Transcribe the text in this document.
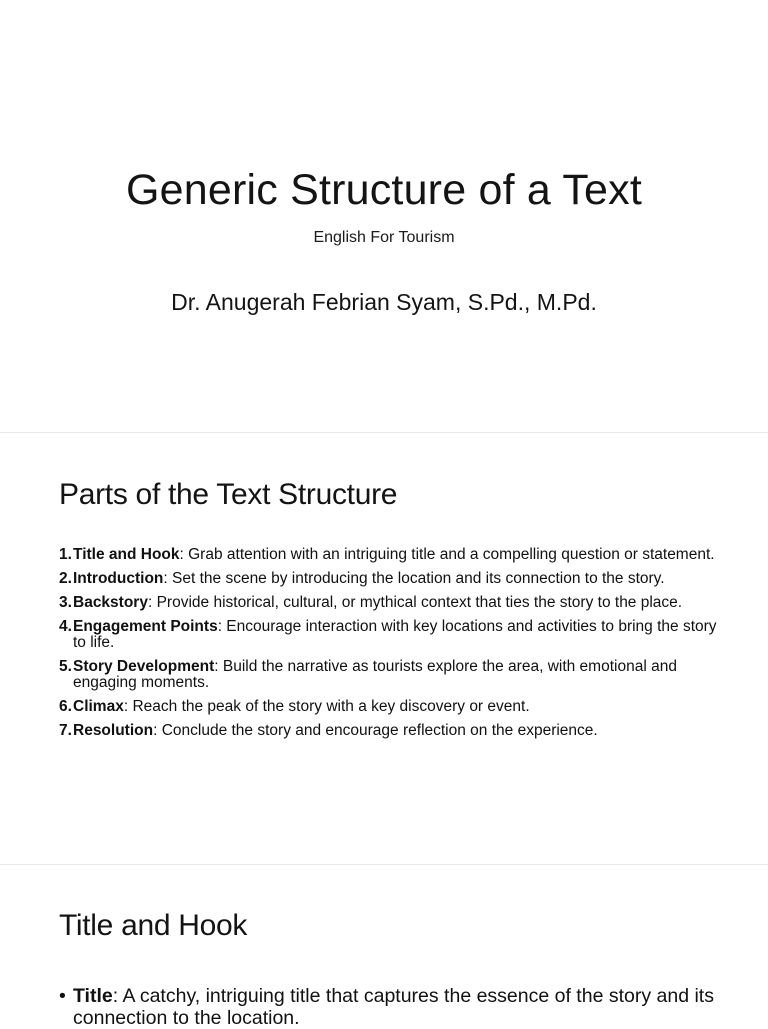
Generic Structure of a Text

English For Tourism

Dr. Anugerah Febrian Syam, S.Pd., M.Pd.

Parts of the Text Structure
1. Title and Hook: Grab attention with an intriguing title and a compelling question or statement.
2. Introduction: Set the scene by introducing the location and its connection to the story.
3. Backstory: Provide historical, cultural, or mythical context that ties the story to the place.
4. Engagement Points: Encourage interaction with key locations and activities to bring the story to life.
5. Story Development: Build the narrative as tourists explore the area, with emotional and engaging moments.
6. Climax: Reach the peak of the story with a key discovery or event.
7. Resolution: Conclude the story and encourage reflection on the experience.
Title and Hook
• Title: A catchy, intriguing title that captures the essence of the story and its connection to the location.
